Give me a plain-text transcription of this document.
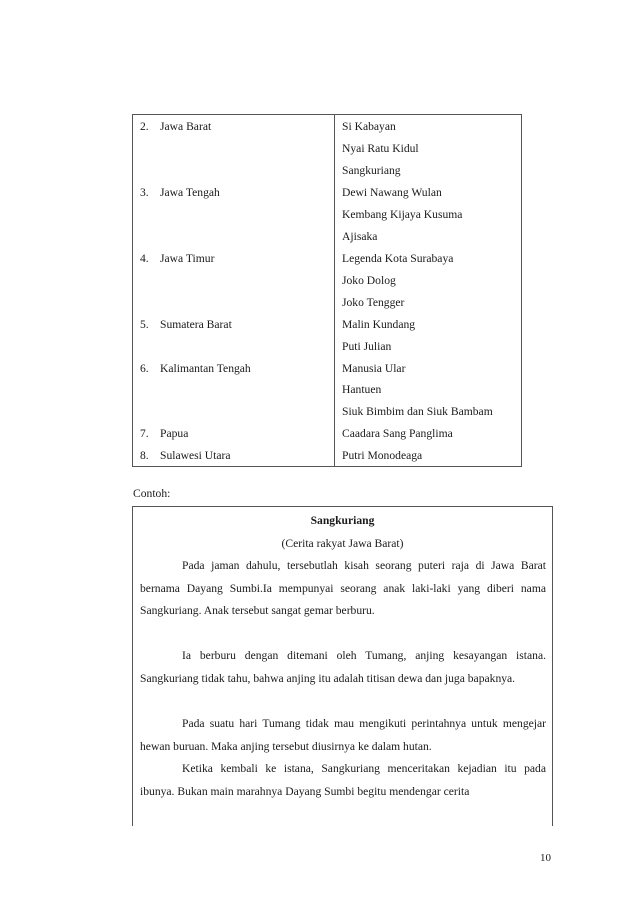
2. Jawa Barat	Si Kabayan
Nyai Ratu Kidul
Sangkuriang
3. Jawa Tengah	Dewi Nawang Wulan
Kembang Kijaya Kusuma
Ajisaka
4. Jawa Timur	Legenda Kota Surabaya
Joko Dolog
Joko Tengger
5. Sumatera Barat	Malin Kundang
Puti Julian
6. Kalimantan Tengah	Manusia Ular
Hantuen
Siuk Bimbim dan Siuk Bambam
7. Papua	Caadara Sang Panglima
8. Sulawesi Utara	Putri Monodeaga
Contoh:
Sangkuriang
(Cerita rakyat Jawa Barat)

Pada jaman dahulu, tersebutlah kisah seorang puteri raja di Jawa Barat bernama Dayang Sumbi.Ia mempunyai seorang anak laki-laki yang diberi nama Sangkuriang. Anak tersebut sangat gemar berburu.

Ia berburu dengan ditemani oleh Tumang, anjing kesayangan istana. Sangkuriang tidak tahu, bahwa anjing itu adalah titisan dewa dan juga bapaknya.

Pada suatu hari Tumang tidak mau mengikuti perintahnya untuk mengejar hewan buruan. Maka anjing tersebut diusirnya ke dalam hutan.

Ketika kembali ke istana, Sangkuriang menceritakan kejadian itu pada ibunya. Bukan main marahnya Dayang Sumbi begitu mendengar cerita

10
